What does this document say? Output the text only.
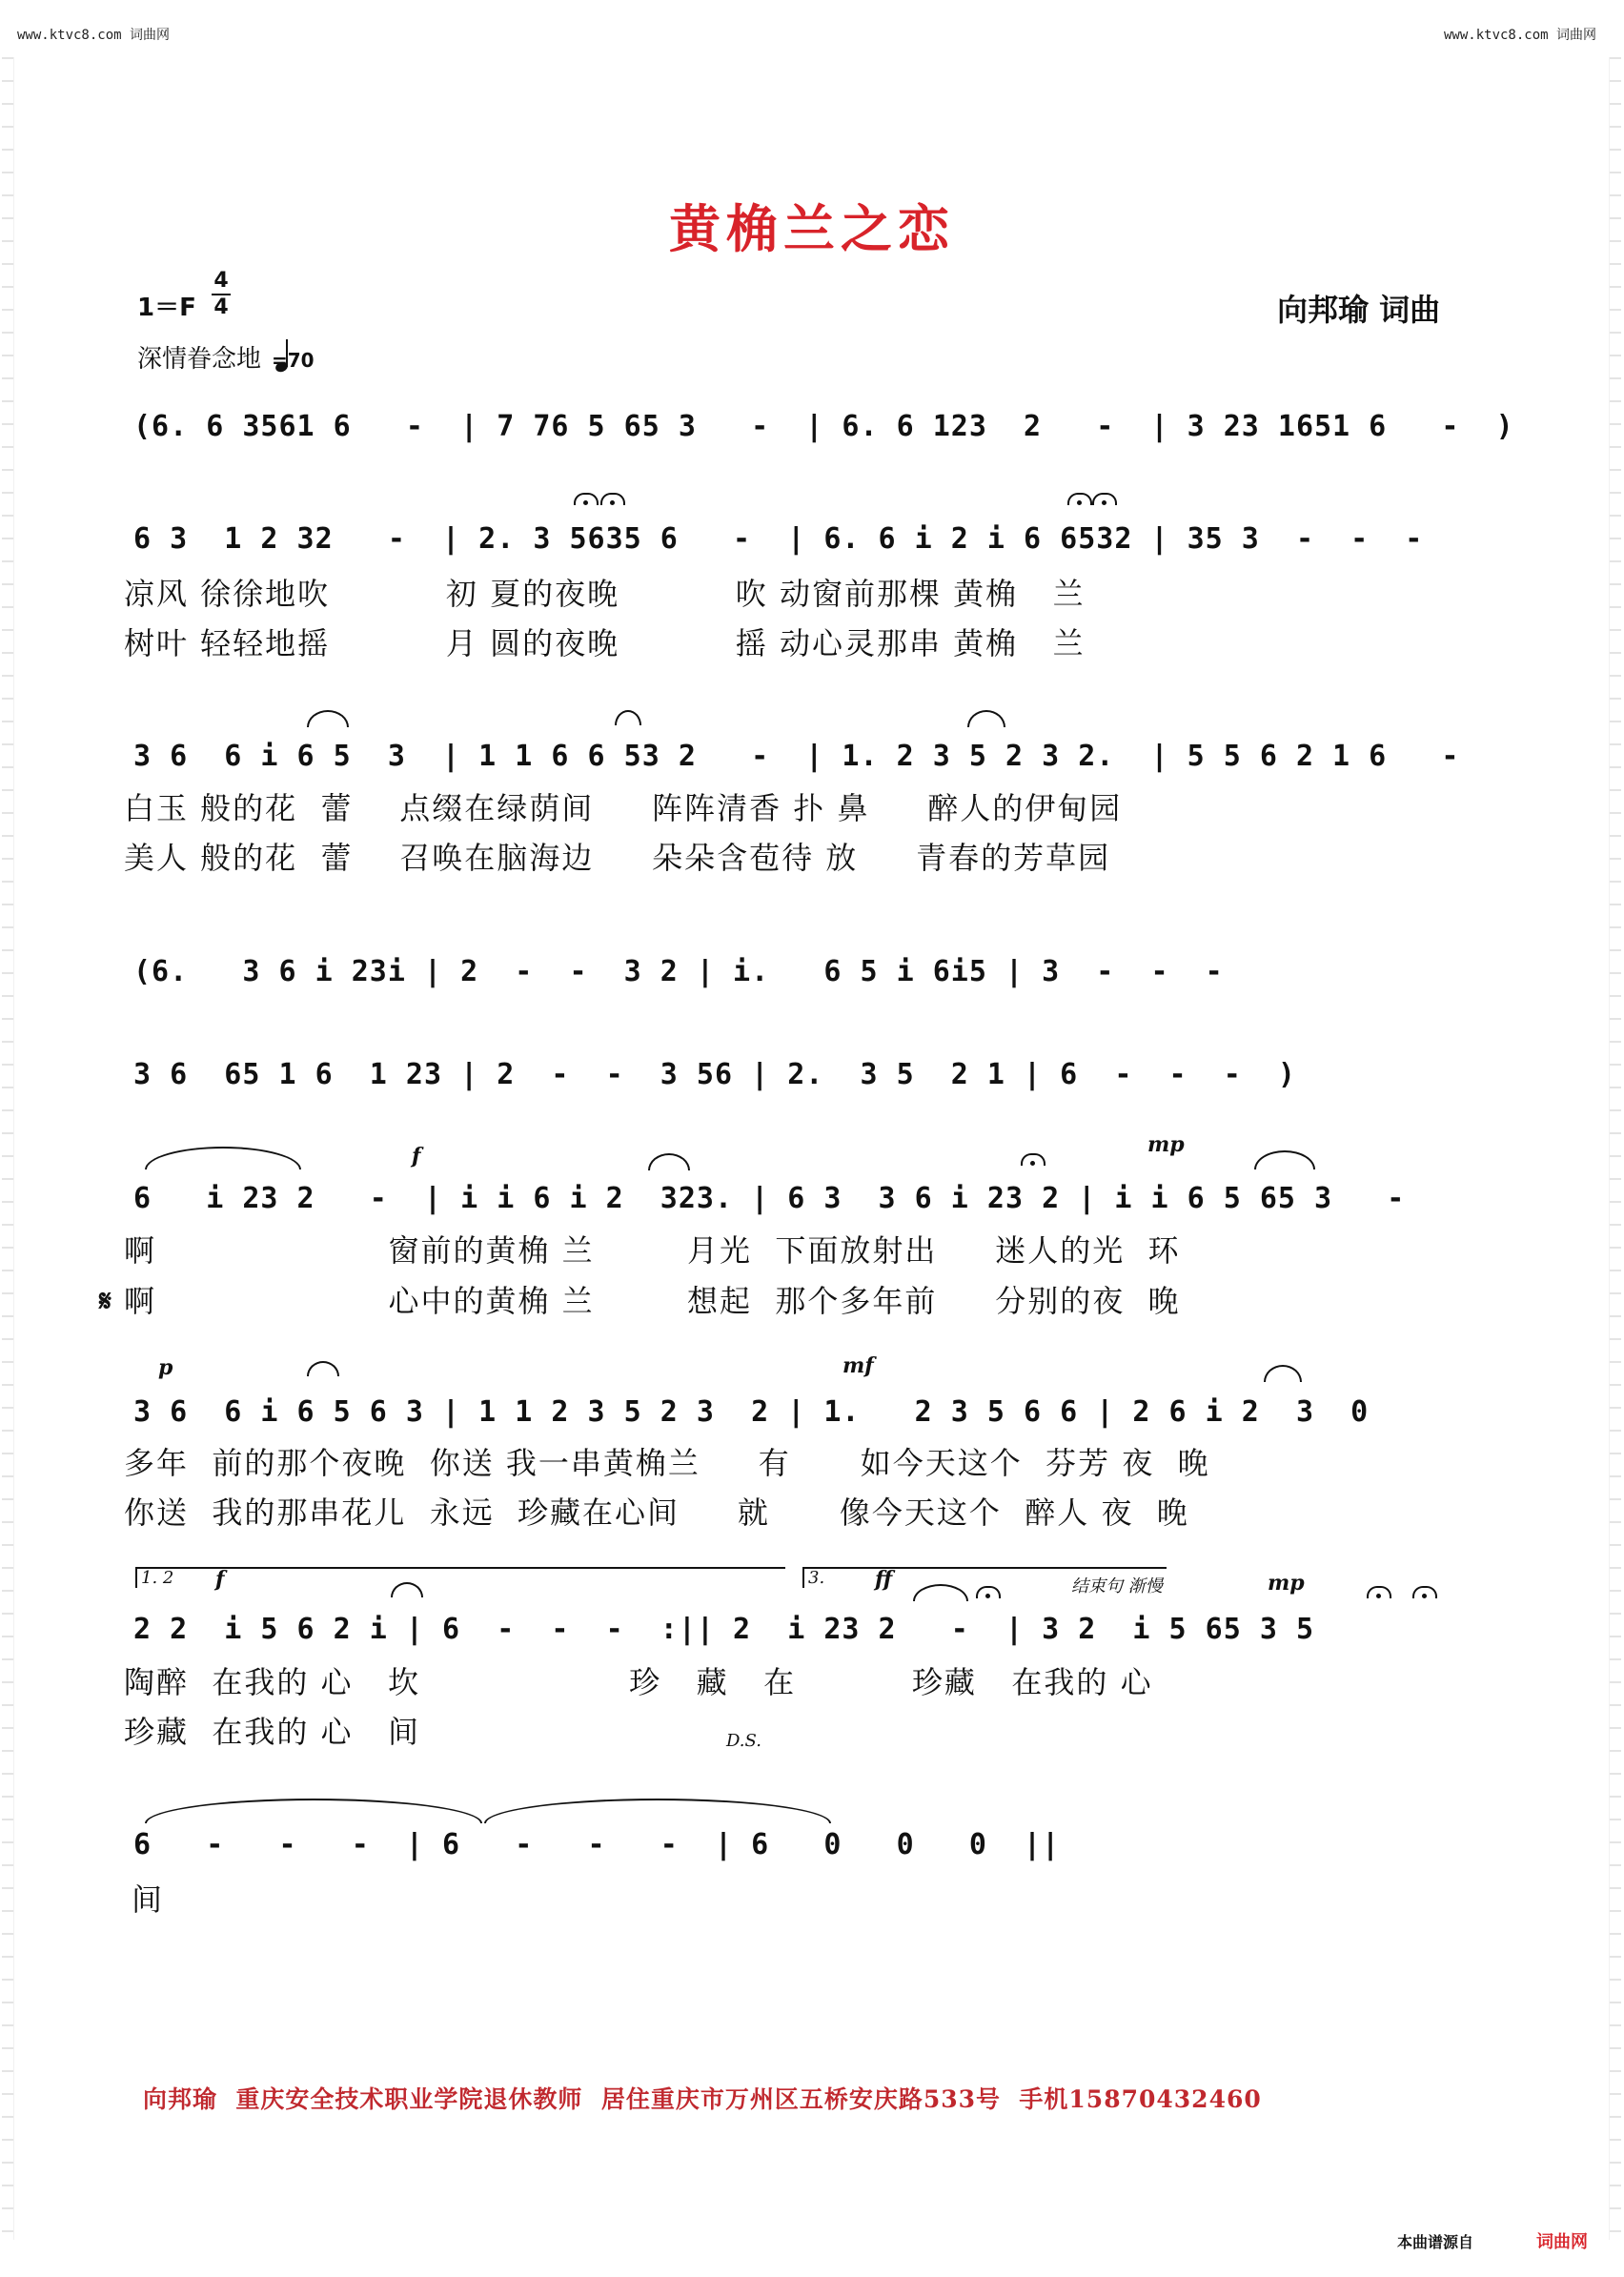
www.ktvc8.com 词曲网	www.ktvc8.com 词曲网
黄桷兰之恋
向邦瑜 词曲
1＝F
4
4
深情眷念地 =70
(6. 6 3561 6   -  | 7 76 5 65 3   -  | 6. 6 123  2   -  | 3 23 1651 6   -  )
6 3  1 2 32   -  | 2. 3 5635 6   -  | 6. 6 i 2 i 6 6532 | 35 3  -  -  -
凉风 徐徐地吹          初 夏的夜晚          吹 动窗前那棵 黄桷   兰
树叶 轻轻地摇          月 圆的夜晚          摇 动心灵那串 黄桷   兰
3 6  6 i 6 5  3  | 1 1 6 6 53 2   -  | 1. 2 3 5 2 3 2.  | 5 5 6 2 1 6   -
白玉 般的花  蕾    点缀在绿荫间     阵阵清香 扑 鼻     醉人的伊甸园
美人 般的花  蕾    召唤在脑海边     朵朵含苞待 放     青春的芳草园
(6.   3 6 i 23i | 2  -  -  3 2 | i.   6 5 i 6i5 | 3  -  -  -
3 6  65 1 6  1 23 | 2  -  -  3 56 | 2.  3 5  2 1 | 6  -  -  -  )
f	mp
6   i 23 2   -  | i i 6 i 2  323. | 6 3  3 6 i 23 2 | i i 6 5 65 3   -
啊                    窗前的黄桷 兰        月光  下面放射出     迷人的光  环
𝄋 啊                    心中的黄桷 兰        想起  那个多年前     分别的夜  晚
p	mf
3 6  6 i 6 5 6 3 | 1 1 2 3 5 2 3  2 | 1.   2 3 5 6 6 | 2 6 i 2  3  0
多年  前的那个夜晚  你送 我一串黄桷兰     有      如今天这个  芬芳 夜  晚
你送  我的那串花儿  永远  珍藏在心间     就      像今天这个  醉人 夜  晚
1. 2 f	3. ff	结束句 渐慢	mp
2 2  i 5 6 2 i | 6  -  -  -  :|| 2  i 23 2   -  | 3 2  i 5 65 3 5
陶醉  在我的 心   坎                  珍   藏   在          珍藏   在我的 心
珍藏  在我的 心   间	D.S.
6   -   -   -  | 6   -   -   -  | 6   0   0   0  ||
间
向邦瑜  重庆安全技术职业学院退休教师  居住重庆市万州区五桥安庆路533号  手机15870432460
本曲谱源自	词曲网
